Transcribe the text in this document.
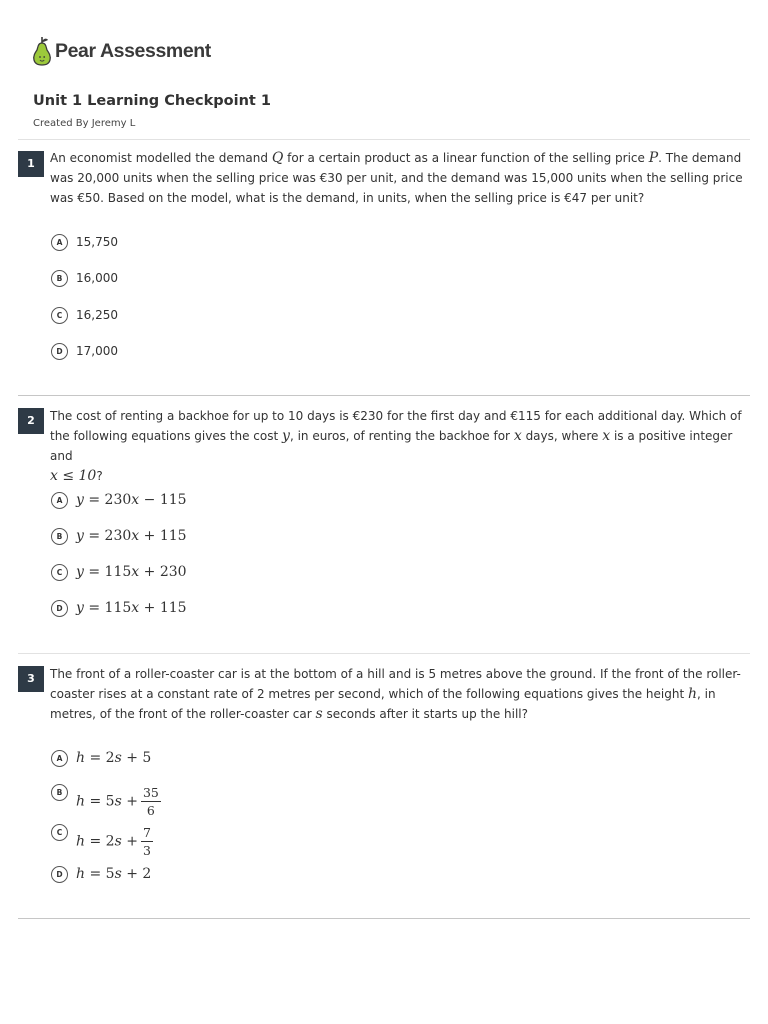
Pear Assessment
Unit 1 Learning Checkpoint 1
Created By Jeremy L
1	An economist modelled the demand Q for a certain product as a linear function of the selling price P. The demand was 20,000 units when the selling price was €30 per unit, and the demand was 15,000 units when the selling price was €50. Based on the model, what is the demand, in units, when the selling price is €47 per unit?
A	15,750
B	16,000
C	16,250
D	17,000
2	The cost of renting a backhoe for up to 10 days is €230 for the first day and €115 for each additional day. Which of the following equations gives the cost y, in euros, of renting the backhoe for x days, where x is a positive integer and
x ≤ 10?
A y = 230x − 115
B y = 230x + 115
C y = 115x + 230
D y = 115x + 115
3	The front of a roller-coaster car is at the bottom of a hill and is 5 metres above the ground. If the front of the roller-coaster rises at a constant rate of 2 metres per second, which of the following equations gives the height h, in metres, of the front of the roller-coaster car s seconds after it starts up the hill?
A h = 2s + 5
B
$h = 5s + \frac{35}{6}$
C
$h = 2s + \frac{7}{3}$
D h = 5s + 2
